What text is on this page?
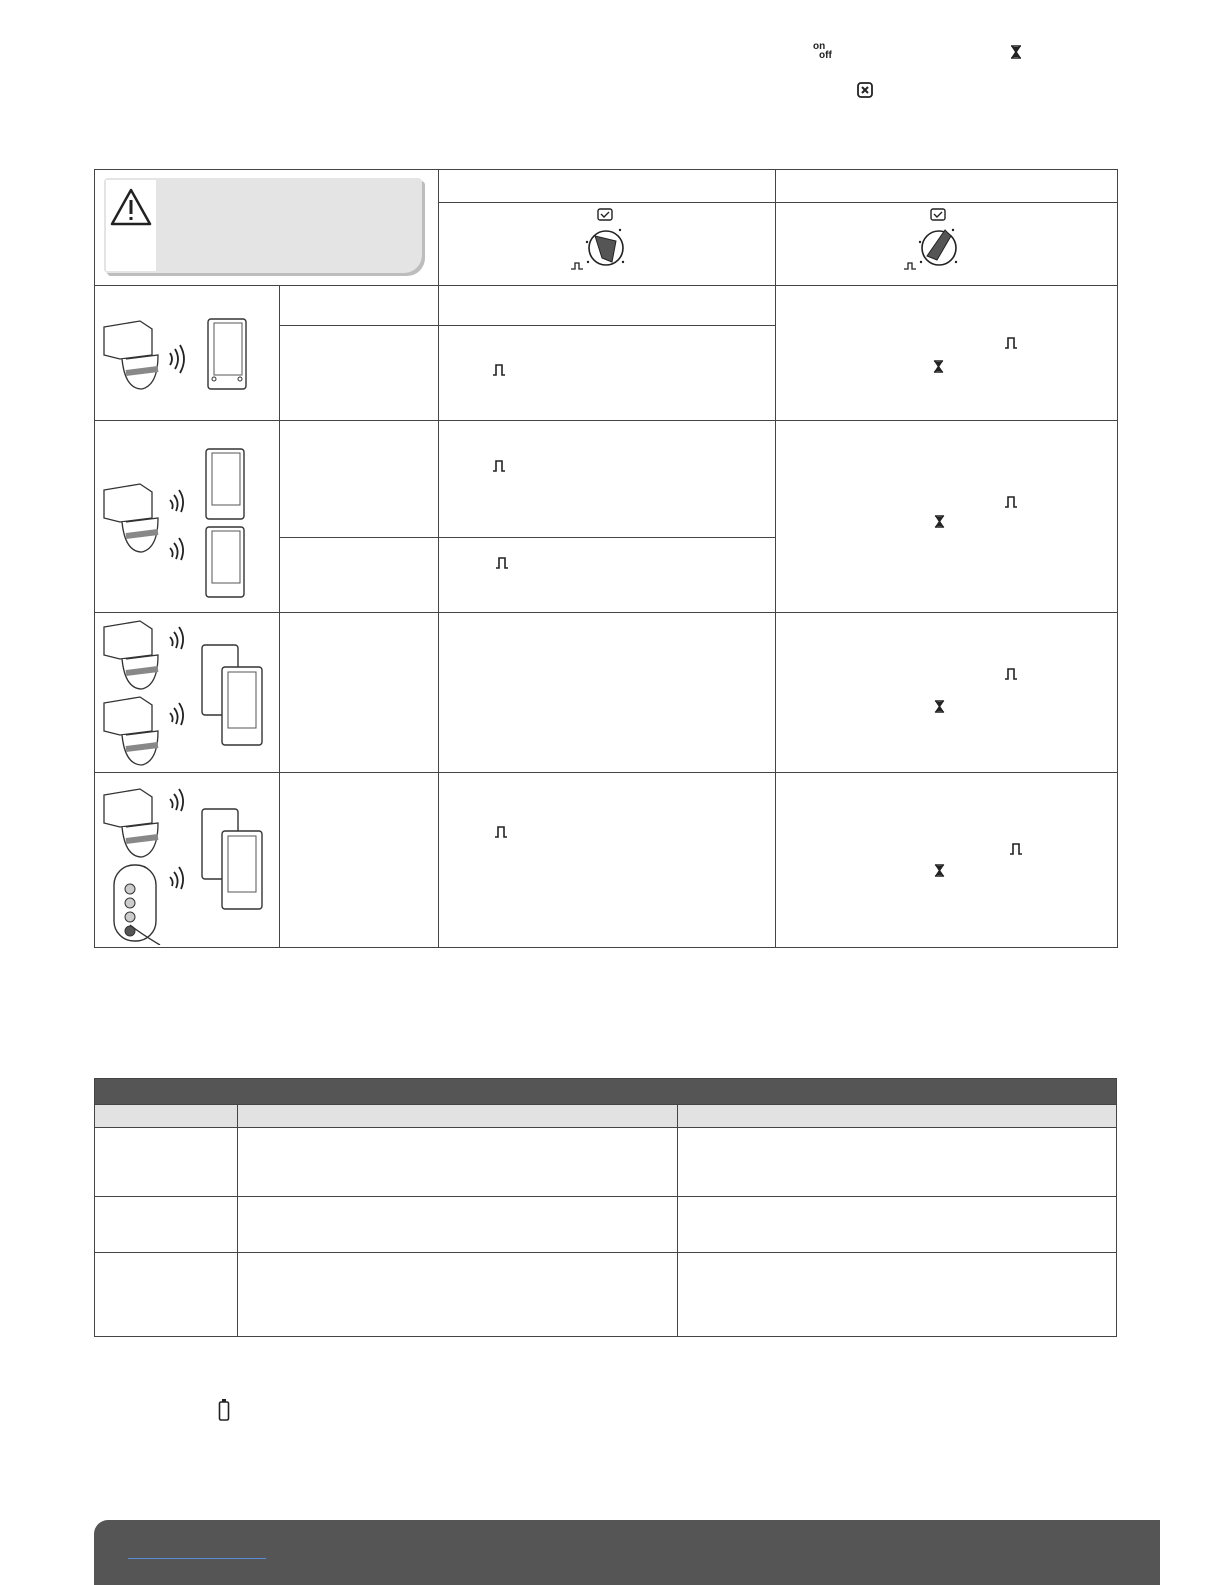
on
off
